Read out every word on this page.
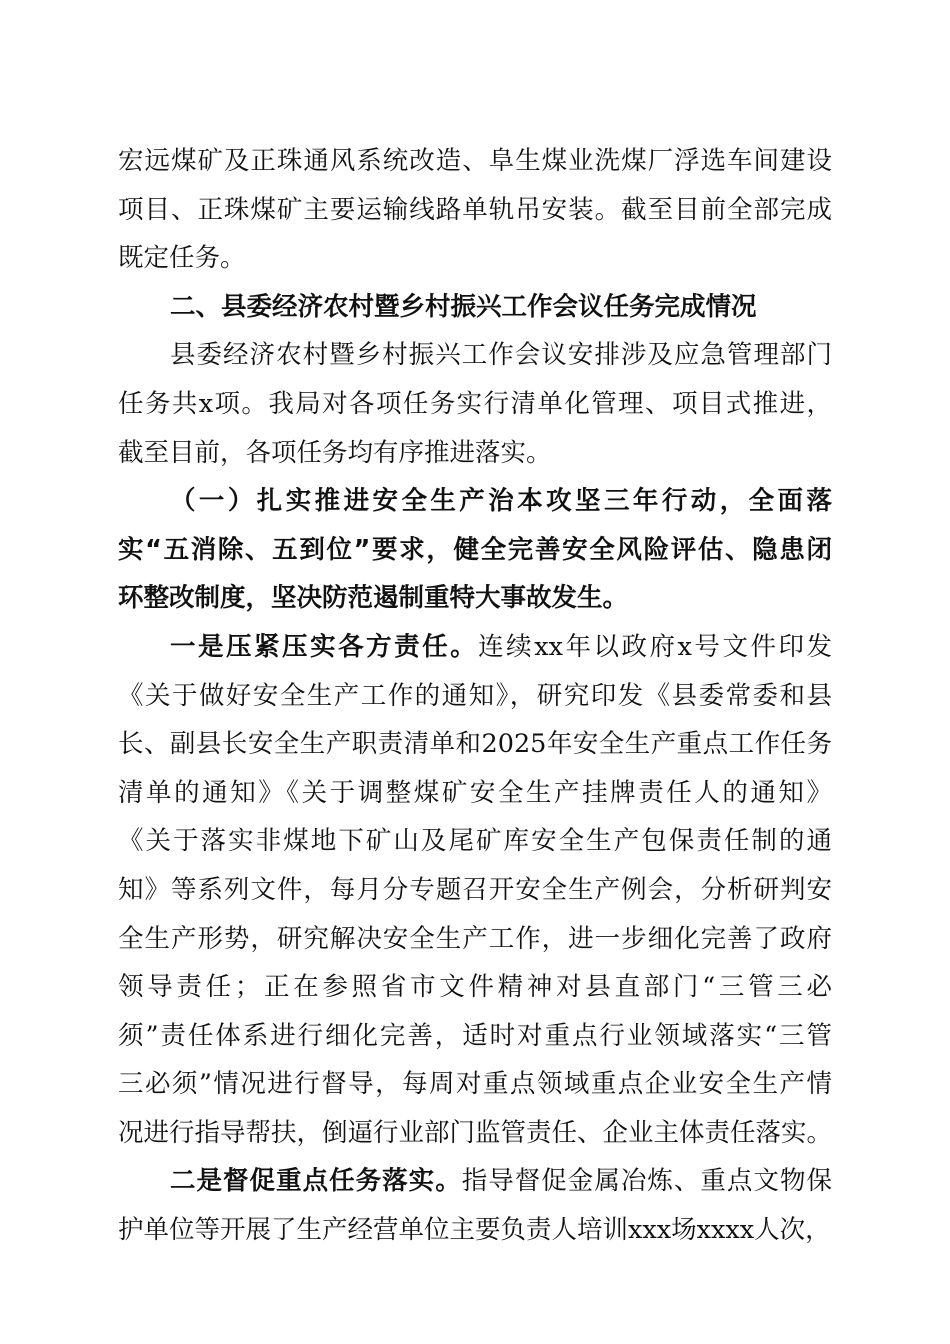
宏远煤矿及正珠通风系统改造、阜生煤业洗煤厂浮选车间建设
项目、正珠煤矿主要运输线路单轨吊安装。截至目前全部完成
既定任务。
二、县委经济农村暨乡村振兴工作会议任务完成情况
县委经济农村暨乡村振兴工作会议安排涉及应急管理部门
任务共x项。我局对各项任务实行清单化管理、项目式推进，
截至目前，各项任务均有序推进落实。
（一）扎实推进安全生产治本攻坚三年行动，全面落
实“五消除、五到位”要求，健全完善安全风险评估、隐患闭
环整改制度，坚决防范遏制重特大事故发生。
一是压紧压实各方责任。连续xx年以政府x号文件印发
《关于做好安全生产工作的通知》，研究印发《县委常委和县
长、副县长安全生产职责清单和2025年安全生产重点工作任务
清单的通知》《关于调整煤矿安全生产挂牌责任人的通知》
《关于落实非煤地下矿山及尾矿库安全生产包保责任制的通
知》等系列文件，每月分专题召开安全生产例会，分析研判安
全生产形势，研究解决安全生产工作，进一步细化完善了政府
领导责任；正在参照省市文件精神对县直部门“三管三必
须”责任体系进行细化完善，适时对重点行业领域落实“三管
三必须”情况进行督导，每周对重点领域重点企业安全生产情
况进行指导帮扶，倒逼行业部门监管责任、企业主体责任落实。
二是督促重点任务落实。指导督促金属冶炼、重点文物保
护单位等开展了生产经营单位主要负责人培训xxx场xxxx人次，
